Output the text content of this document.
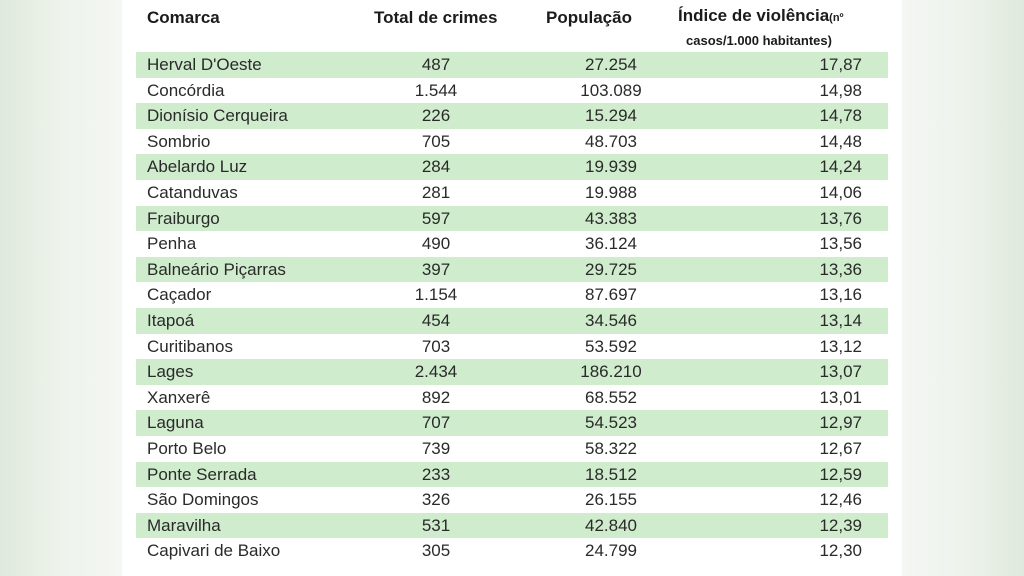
Comarca	Total de crimes	População	Índice de violência(nº
casos/1.000 habitantes)
Herval D'Oeste	487	27.254	17,87
Concórdia	1.544	103.089	14,98
Dionísio Cerqueira	226	15.294	14,78
Sombrio	705	48.703	14,48
Abelardo Luz	284	19.939	14,24
Catanduvas	281	19.988	14,06
Fraiburgo	597	43.383	13,76
Penha	490	36.124	13,56
Balneário Piçarras	397	29.725	13,36
Caçador	1.154	87.697	13,16
Itapoá	454	34.546	13,14
Curitibanos	703	53.592	13,12
Lages	2.434	186.210	13,07
Xanxerê	892	68.552	13,01
Laguna	707	54.523	12,97
Porto Belo	739	58.322	12,67
Ponte Serrada	233	18.512	12,59
São Domingos	326	26.155	12,46
Maravilha	531	42.840	12,39
Capivari de Baixo	305	24.799	12,30
